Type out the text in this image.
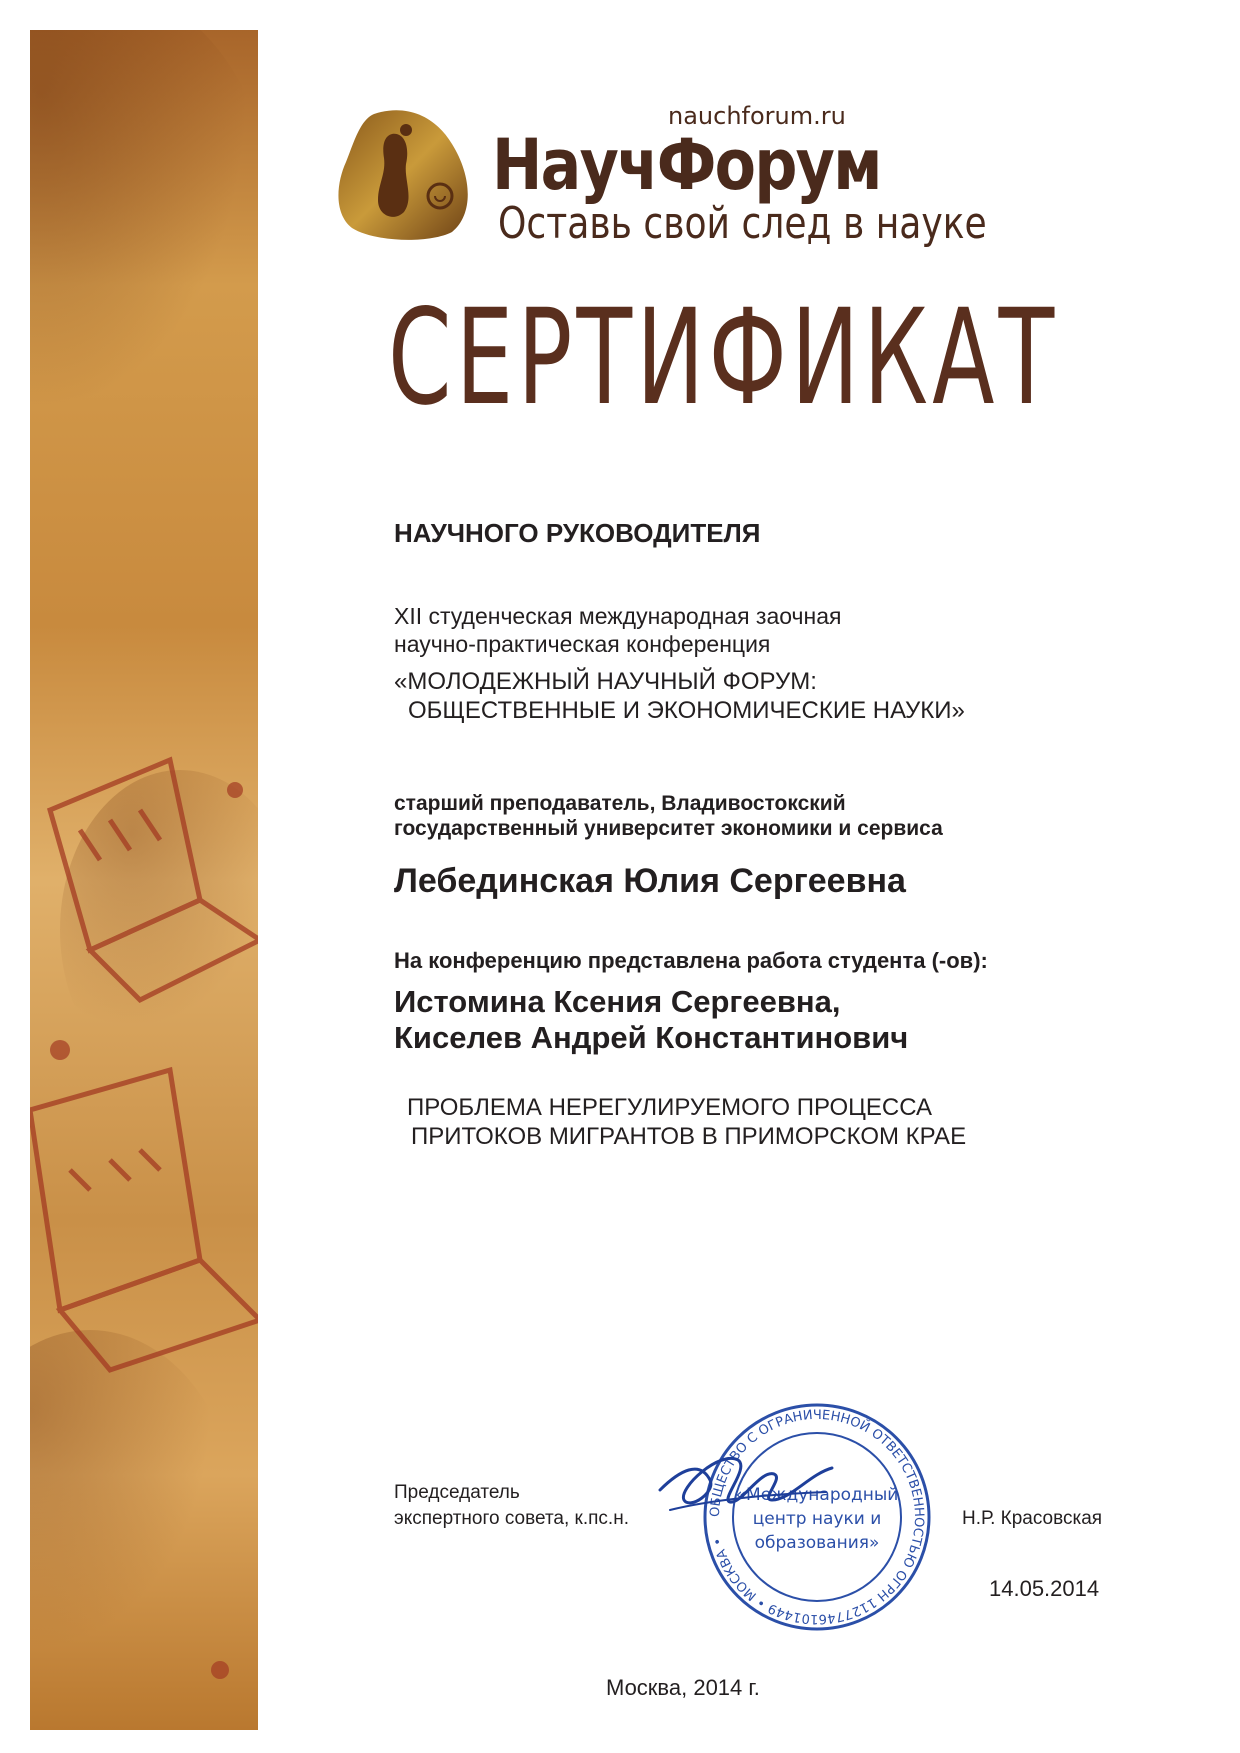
nauchforum.ru
НаучФорум
Оставь свой след в науке
СЕРТИФИКАТ
НАУЧНОГО РУКОВОДИТЕЛЯ
XII студенческая международная заочная
научно-практическая конференция
«МОЛОДЕЖНЫЙ НАУЧНЫЙ ФОРУМ:
ОБЩЕСТВЕННЫЕ И ЭКОНОМИЧЕСКИЕ НАУКИ»
старший преподаватель, Владивостокский
государственный университет экономики и сервиса
Лебединская Юлия Сергеевна
На конференцию представлена работа студента (-ов):
Истомина Ксения Сергеевна,
Киселев Андрей Константинович
ПРОБЛЕМА НЕРЕГУЛИРУЕМОГО ПРОЦЕССА
ПРИТОКОВ МИГРАНТОВ В ПРИМОРСКОМ КРАЕ
Председатель
экспертного совета, к.пс.н.	Н.Р. Красовская
14.05.2014
ОБЩЕСТВО С ОГРАНИЧЕННОЙ ОТВЕТСТВЕННОСТЬЮ ОГРН 1127746101449 • МОСКВА •
«Международный
центр науки и
образования»
Москва, 2014 г.
